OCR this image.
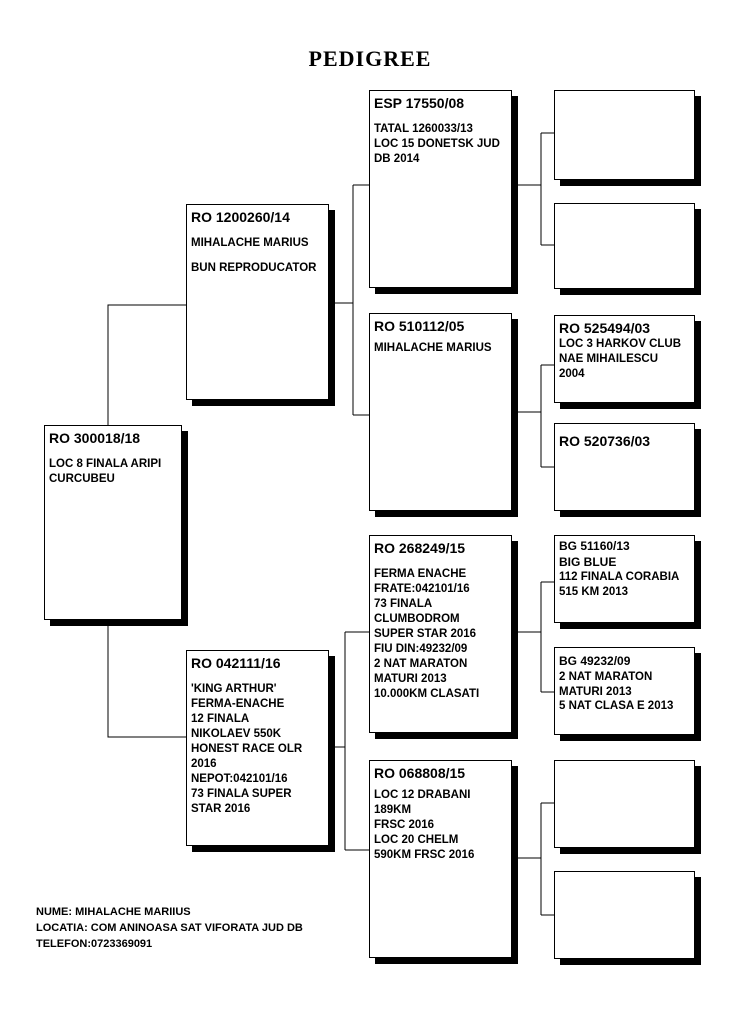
PEDIGREE
RO 300018/18
LOC 8 FINALA ARIPI
CURCUBEU
RO 1200260/14
MIHALACHE MARIUS
BUN REPRODUCATOR
RO 042111/16
'KING ARTHUR'
FERMA-ENACHE
12 FINALA
NIKOLAEV 550K
HONEST RACE OLR
2016
NEPOT:042101/16
73 FINALA SUPER
STAR 2016
ESP 17550/08
TATAL 1260033/13
LOC 15 DONETSK JUD
DB 2014
RO 510112/05
MIHALACHE MARIUS
RO 268249/15
FERMA ENACHE
FRATE:042101/16
73 FINALA
CLUMBODROM
SUPER STAR 2016
FIU DIN:49232/09
2 NAT MARATON
MATURI 2013
10.000KM CLASATI
RO 068808/15
LOC 12 DRABANI
189KM
FRSC 2016
LOC 20 CHELM
590KM FRSC 2016
RO 525494/03
LOC 3 HARKOV CLUB
NAE MIHAILESCU
2004
RO 520736/03
BG 51160/13
BIG BLUE
112 FINALA CORABIA
515 KM 2013
BG 49232/09
2 NAT MARATON
MATURI 2013
5 NAT CLASA E 2013
NUME: MIHALACHE MARIIUS
LOCATIA: COM ANINOASA SAT VIFORATA JUD DB
TELEFON:0723369091
